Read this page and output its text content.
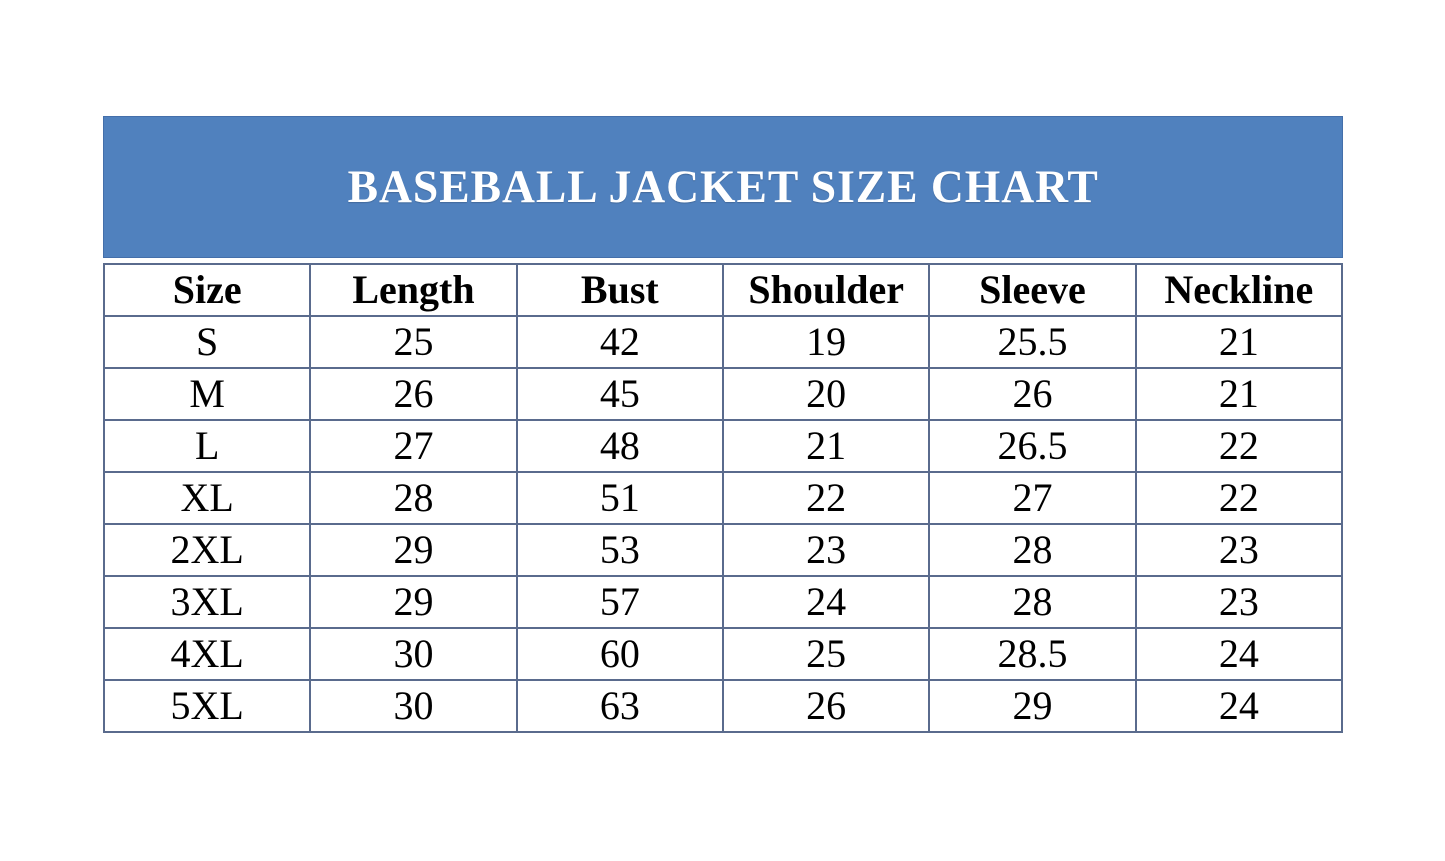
BASEBALL JACKET SIZE CHART
Size	Length	Bust	Shoulder	Sleeve	Neckline
S	25	42	19	25.5	21
M	26	45	20	26	21
L	27	48	21	26.5	22
XL	28	51	22	27	22
2XL	29	53	23	28	23
3XL	29	57	24	28	23
4XL	30	60	25	28.5	24
5XL	30	63	26	29	24
